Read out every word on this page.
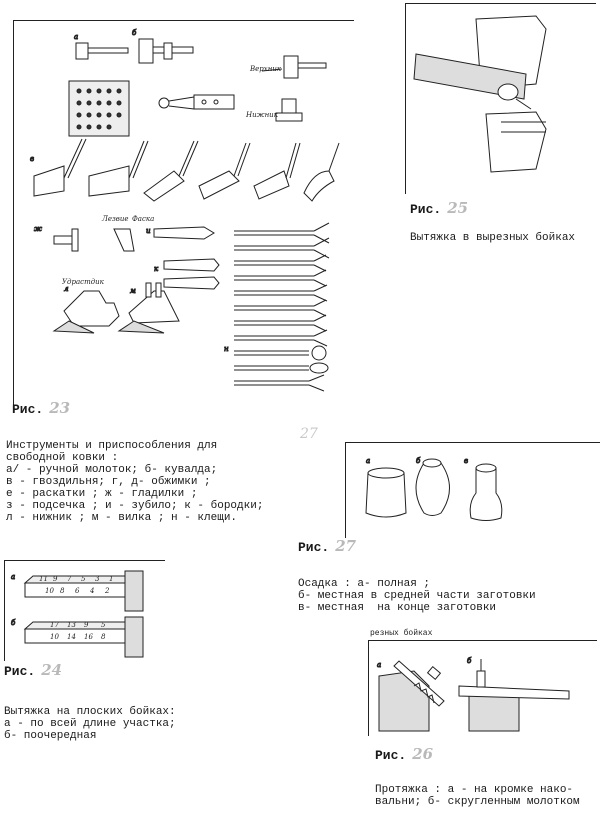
а	б
Верхник
Нижник
в
ж
Лезвие Фаска
и
к
Удрастдик
л	м
н
Рис. 23

Инструменты и приспособления для
свободной ковки :
а/ - ручной молоток; б- кувалда;
в - гвоздильня; г, д- обжимки ;
е - раскатки ; ж - гладилки ;
з - подсечка ; и - зубило; к - бородки;
л - нижник ; м - вилка ; н - клещи.

Рис. 25
Вытяжка в вырезных бойках
27
а	б	в
Рис. 27

Осадка : а- полная ;
б- местная в средней части заготовки
в- местная  на конце заготовки

а
б
10 8 6 4 2
11 9 7 5 3 1
10 14 16 8
17 13 9 5
Рис. 24

Вытяжка на плоских бойках:
а - по всей длине участка;
б- поочередная

резных бойках
а	б
Рис. 26

Протяжка : а - на кромке нако-
вальни; б- скругленным молотком
